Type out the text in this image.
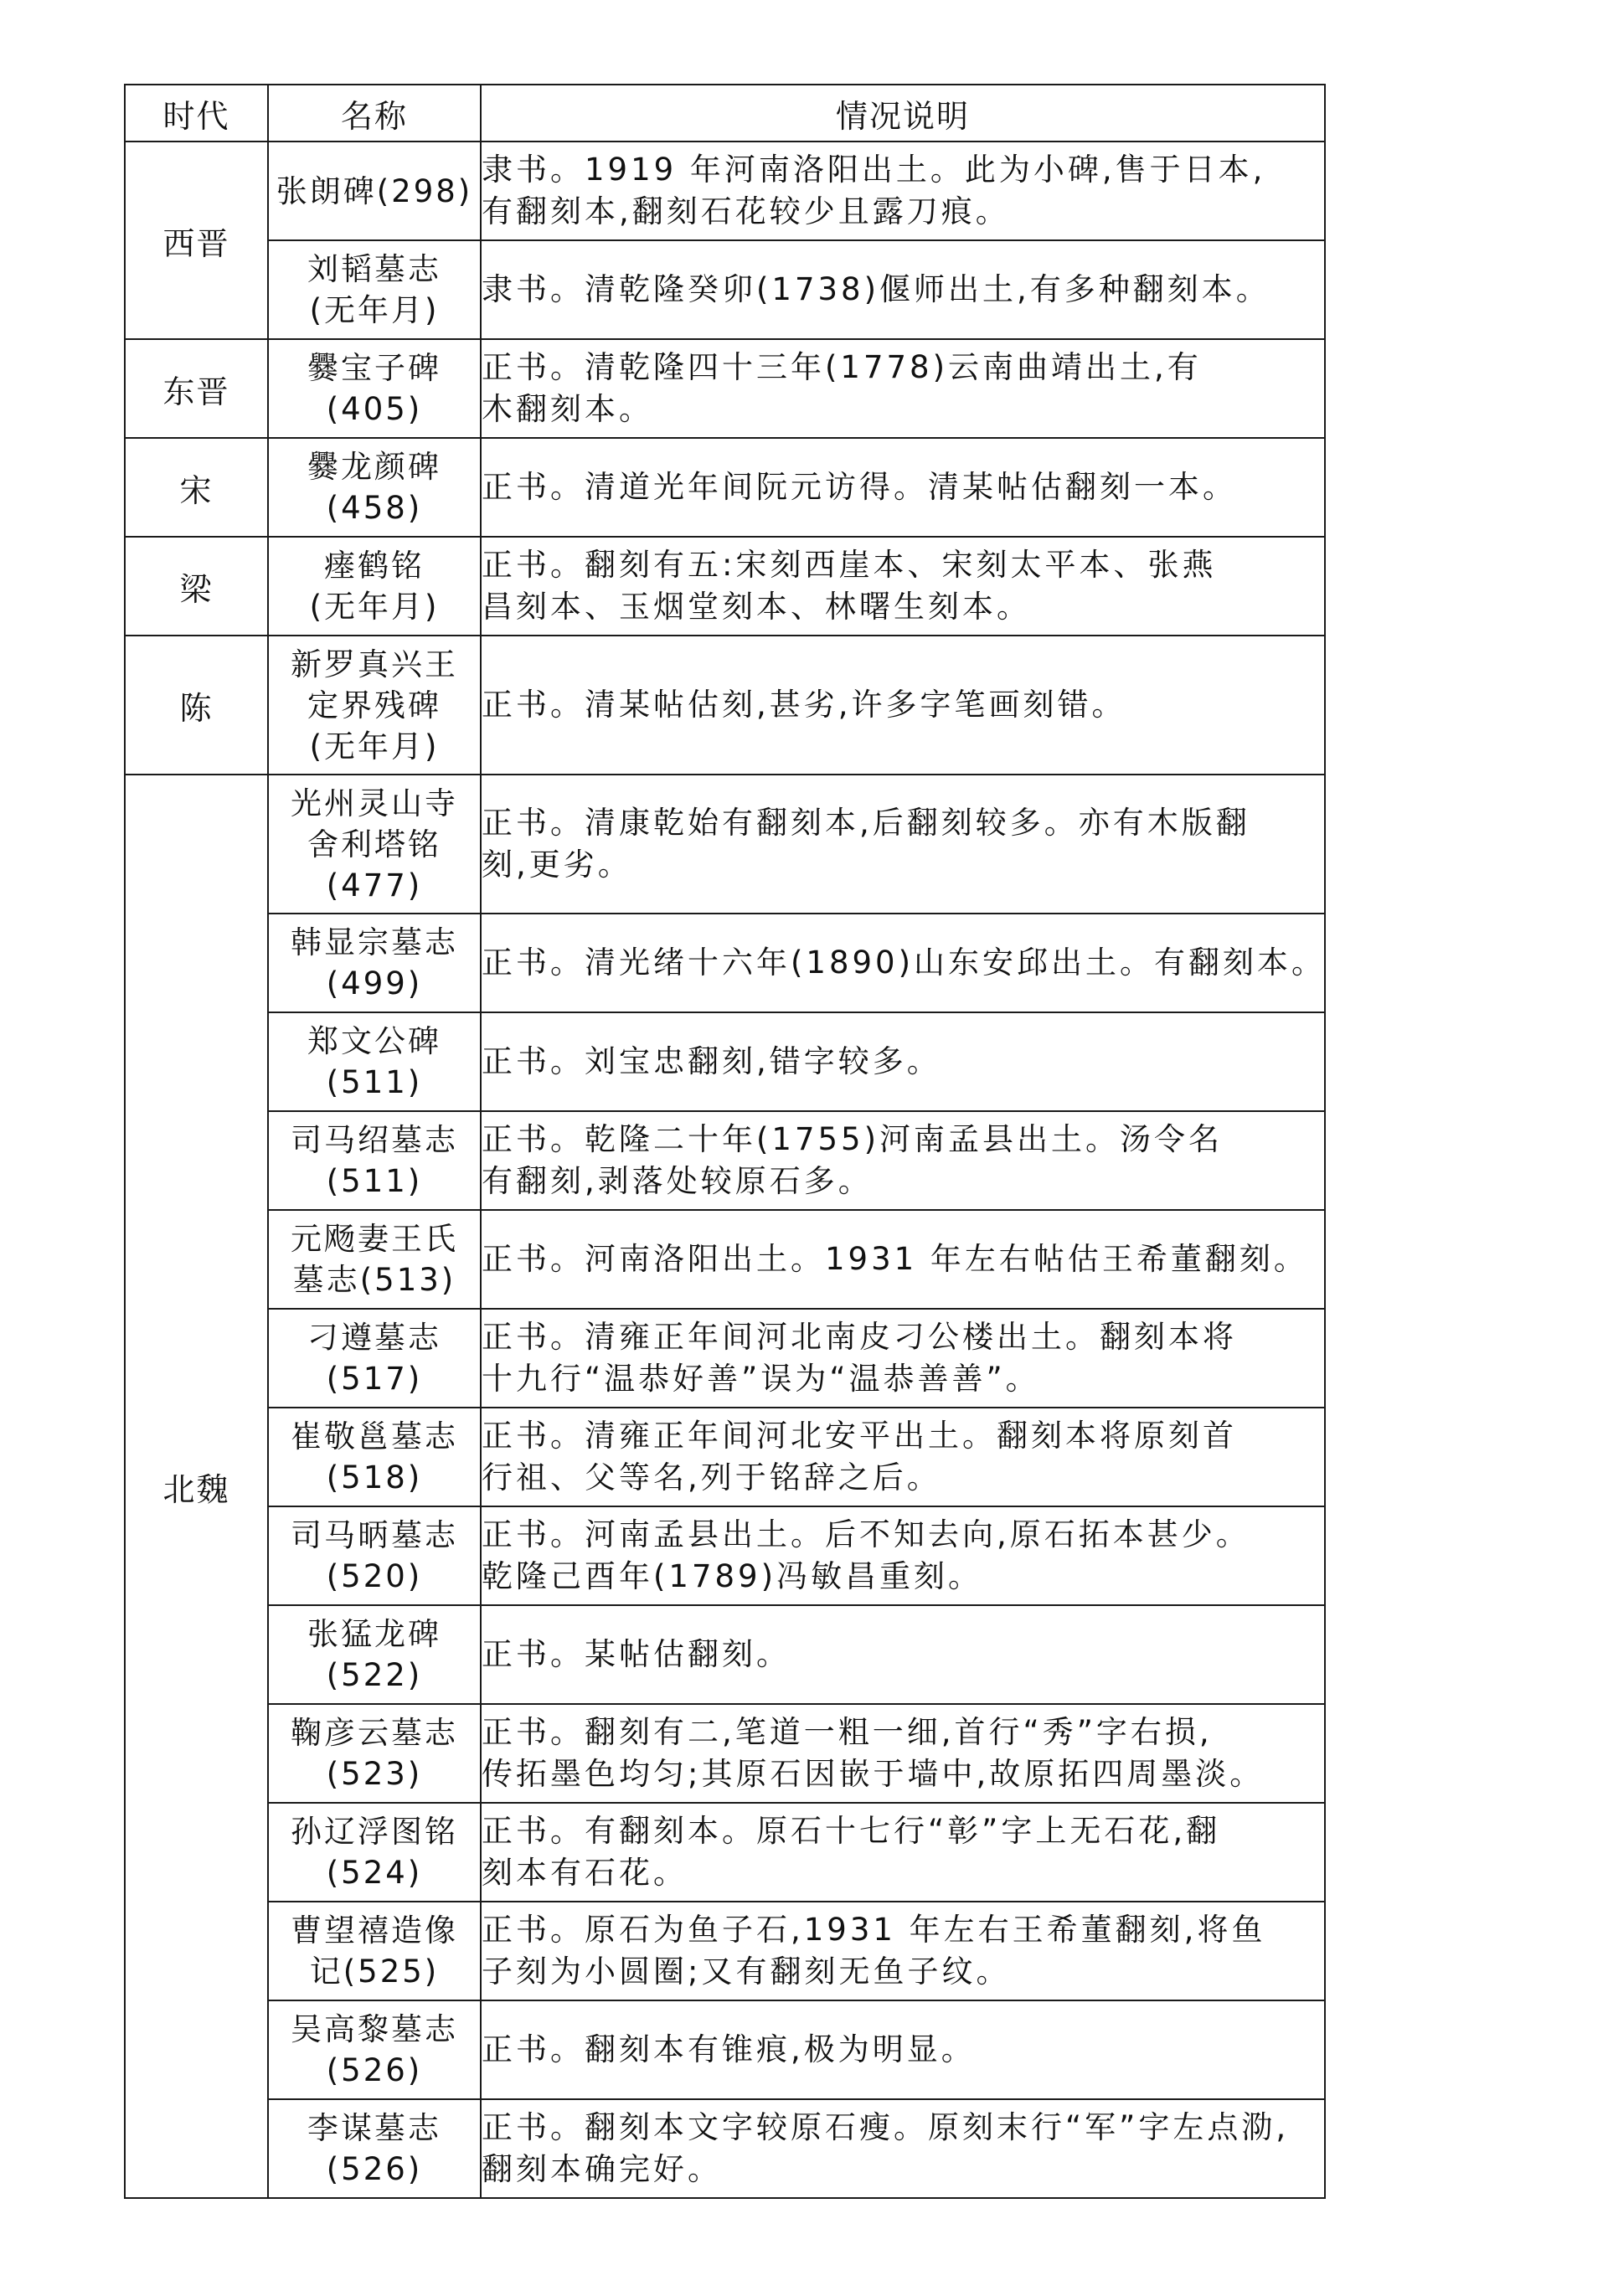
时代	名称	情况说明
西晋	张朗碑(298)	隶书。1919 年河南洛阳出土。此为小碑,售于日本,
有翻刻本,翻刻石花较少且露刀痕。

	刘韬墓志
(无年月)	隶书。清乾隆癸卯(1738)偃师出土,有多种翻刻本。

东晋	爨宝子碑
(405)	正书。清乾隆四十三年(1778)云南曲靖出土,有
木翻刻本。

宋	爨龙颜碑
(458)	正书。清道光年间阮元访得。清某帖估翻刻一本。

梁	瘗鹤铭
(无年月)	正书。翻刻有五:宋刻西崖本、宋刻太平本、张燕
昌刻本、玉烟堂刻本、林曙生刻本。

陈	新罗真兴王
定界残碑
(无年月)	正书。清某帖估刻,甚劣,许多字笔画刻错。

北魏	光州灵山寺
舍利塔铭
(477)	正书。清康乾始有翻刻本,后翻刻较多。亦有木版翻
刻,更劣。

	韩显宗墓志
(499)	正书。清光绪十六年(1890)山东安邱出土。有翻刻本。

	郑文公碑
(511)	正书。刘宝忠翻刻,错字较多。

	司马绍墓志
(511)	正书。乾隆二十年(1755)河南孟县出土。汤令名
有翻刻,剥落处较原石多。

	元飏妻王氏
墓志(513)	正书。河南洛阳出土。1931 年左右帖估王希董翻刻。

	刁遵墓志
(517)	正书。清雍正年间河北南皮刁公楼出土。翻刻本将
十九行“温恭好善”误为“温恭善善”。

	崔敬邕墓志
(518)	正书。清雍正年间河北安平出土。翻刻本将原刻首
行祖、父等名,列于铭辞之后。

	司马昞墓志
(520)	正书。河南孟县出土。后不知去向,原石拓本甚少。
乾隆己酉年(1789)冯敏昌重刻。

	张猛龙碑
(522)	正书。某帖估翻刻。

	鞠彦云墓志
(523)	正书。翻刻有二,笔道一粗一细,首行“秀”字右损,
传拓墨色均匀;其原石因嵌于墙中,故原拓四周墨淡。

	孙辽浮图铭
(524)	正书。有翻刻本。原石十七行“彰”字上无石花,翻
刻本有石花。

	曹望禧造像
记(525)	正书。原石为鱼子石,1931 年左右王希董翻刻,将鱼
子刻为小圆圈;又有翻刻无鱼子纹。

	吴高黎墓志
(526)	正书。翻刻本有锥痕,极为明显。

	李谋墓志
(526)	正书。翻刻本文字较原石瘦。原刻末行“军”字左点泐,
翻刻本确完好。
